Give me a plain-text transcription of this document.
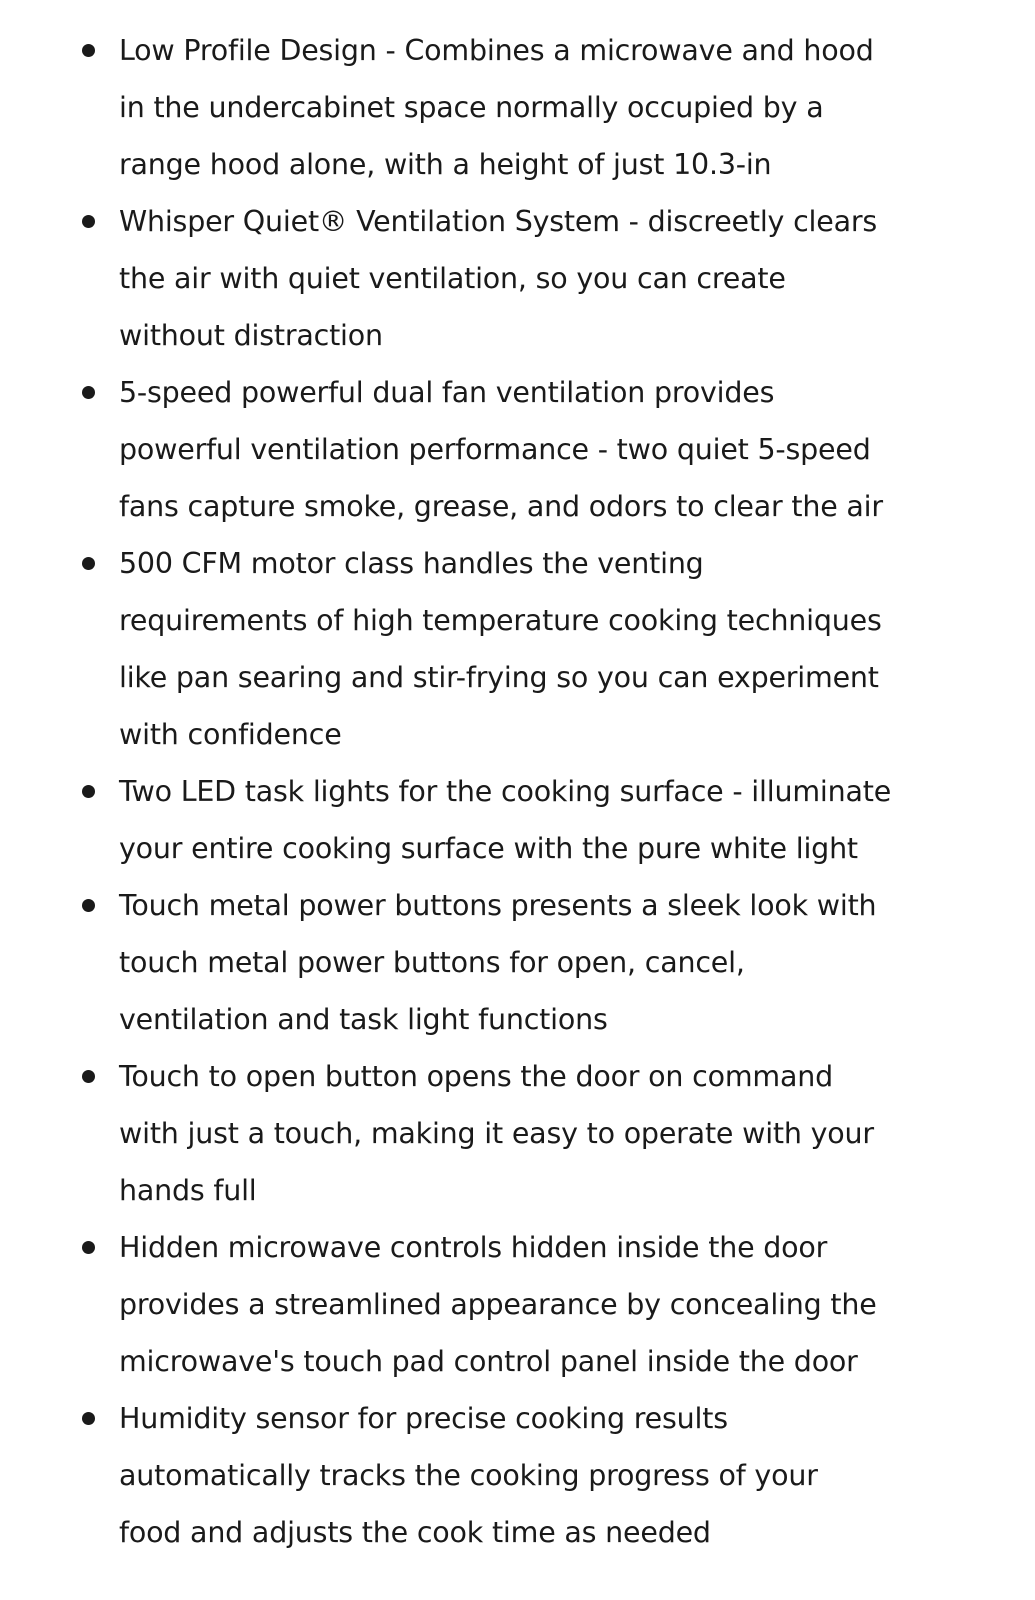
Low Profile Design - Combines a microwave and hood
in the undercabinet space normally occupied by a
range hood alone, with a height of just 10.3-in
Whisper Quiet® Ventilation System - discreetly clears
the air with quiet ventilation, so you can create
without distraction
5-speed powerful dual fan ventilation provides
powerful ventilation performance - two quiet 5-speed
fans capture smoke, grease, and odors to clear the air
500 CFM motor class handles the venting
requirements of high temperature cooking techniques
like pan searing and stir-frying so you can experiment
with confidence
Two LED task lights for the cooking surface - illuminate
your entire cooking surface with the pure white light
Touch metal power buttons presents a sleek look with
touch metal power buttons for open, cancel,
ventilation and task light functions
Touch to open button opens the door on command
with just a touch, making it easy to operate with your
hands full
Hidden microwave controls hidden inside the door
provides a streamlined appearance by concealing the
microwave's touch pad control panel inside the door
Humidity sensor for precise cooking results
automatically tracks the cooking progress of your
food and adjusts the cook time as needed
